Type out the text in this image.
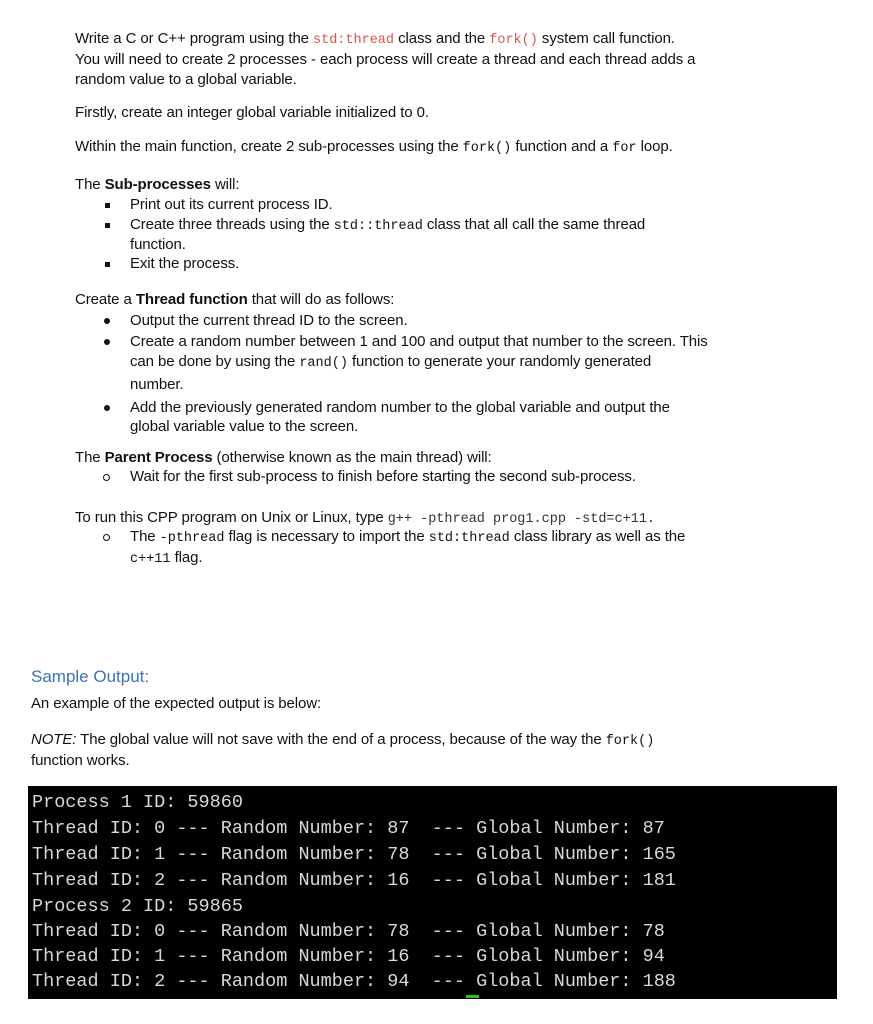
Write a C or C++ program using the std:thread class and the fork() system call function.

You will need to create 2 processes - each process will create a thread and each thread adds a

random value to a global variable.

Firstly, create an integer global variable initialized to 0.

Within the main function, create 2 sub-processes using the fork() function and a for loop.

The Sub-processes will:

Print out its current process ID.

Create three threads using the std::thread class that all call the same thread

function.

Exit the process.

Create a Thread function that will do as follows:

Output the current thread ID to the screen.

Create a random number between 1 and 100 and output that number to the screen. This

can be done by using the rand() function to generate your randomly generated

number.

Add the previously generated random number to the global variable and output the

global variable value to the screen.

The Parent Process (otherwise known as the main thread) will:

Wait for the first sub-process to finish before starting the second sub-process.

To run this CPP program on Unix or Linux, type g++ -pthread prog1.cpp -std=c+11.

The -pthread flag is necessary to import the std:thread class library as well as the

c++11 flag.

Sample Output:

An example of the expected output is below:

NOTE: The global value will not save with the end of a process, because of the way the fork()

function works.

Process 1 ID: 59860
Thread ID: 0 --- Random Number: 87  --- Global Number: 87
Thread ID: 1 --- Random Number: 78  --- Global Number: 165
Thread ID: 2 --- Random Number: 16  --- Global Number: 181
Process 2 ID: 59865
Thread ID: 0 --- Random Number: 78  --- Global Number: 78
Thread ID: 1 --- Random Number: 16  --- Global Number: 94
Thread ID: 2 --- Random Number: 94  --- Global Number: 188
